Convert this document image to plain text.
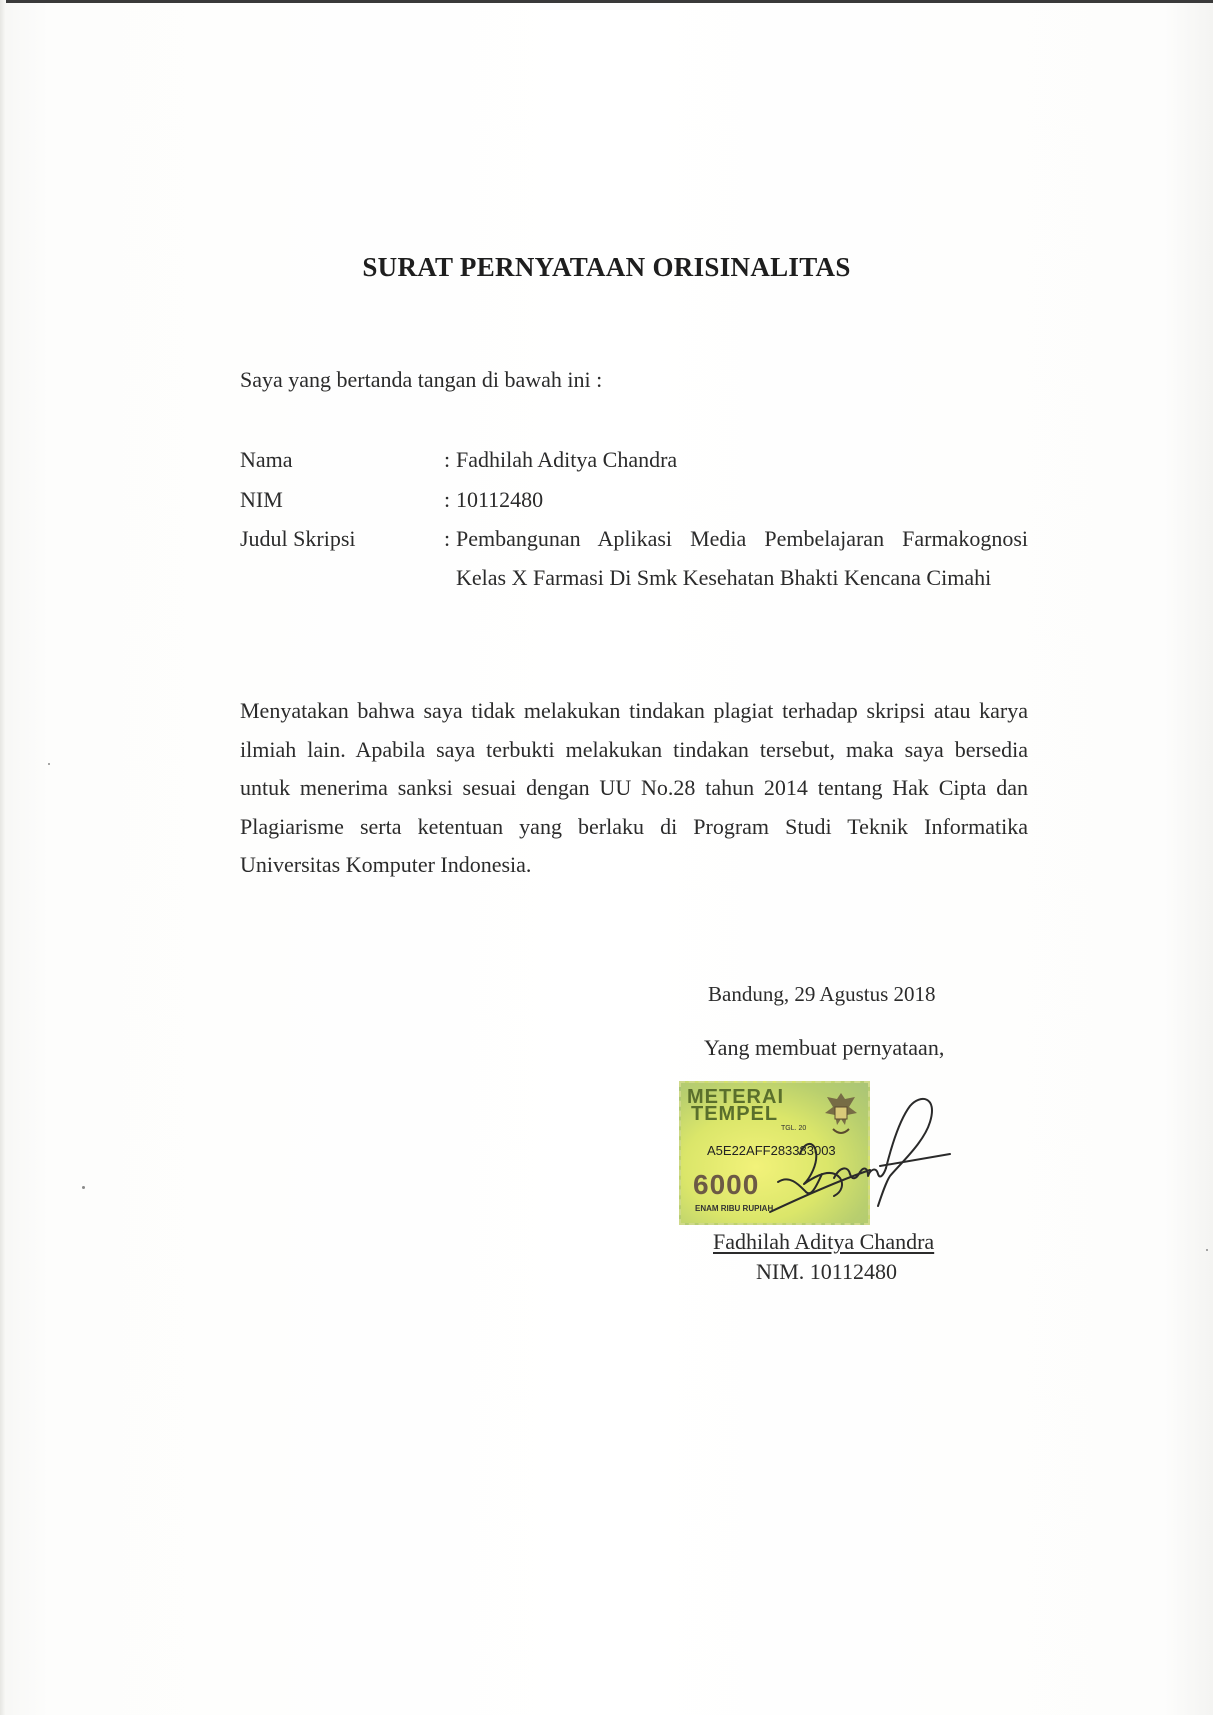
SURAT PERNYATAAN ORISINALITAS
Saya yang bertanda tangan di bawah ini :
Nama	: Fadhilah Aditya Chandra
NIM	: 10112480
Judul Skripsi	: Pembangunan Aplikasi Media Pembelajaran Farmakognosi Kelas X Farmasi Di Smk Kesehatan Bhakti Kencana Cimahi
Menyatakan bahwa saya tidak melakukan tindakan plagiat terhadap skripsi atau karya ilmiah lain. Apabila saya terbukti melakukan tindakan tersebut, maka saya bersedia untuk menerima sanksi sesuai dengan UU No.28 tahun 2014 tentang Hak Cipta dan Plagiarisme serta ketentuan yang berlaku di Program Studi Teknik Informatika Universitas Komputer Indonesia.
Bandung, 29 Agustus 2018
Yang membuat pernyataan,
METERAI
TEMPEL
TGL. 20
A5E22AFF283383003
6000
ENAM RIBU RUPIAH
Fadhilah Aditya Chandra
NIM. 10112480
